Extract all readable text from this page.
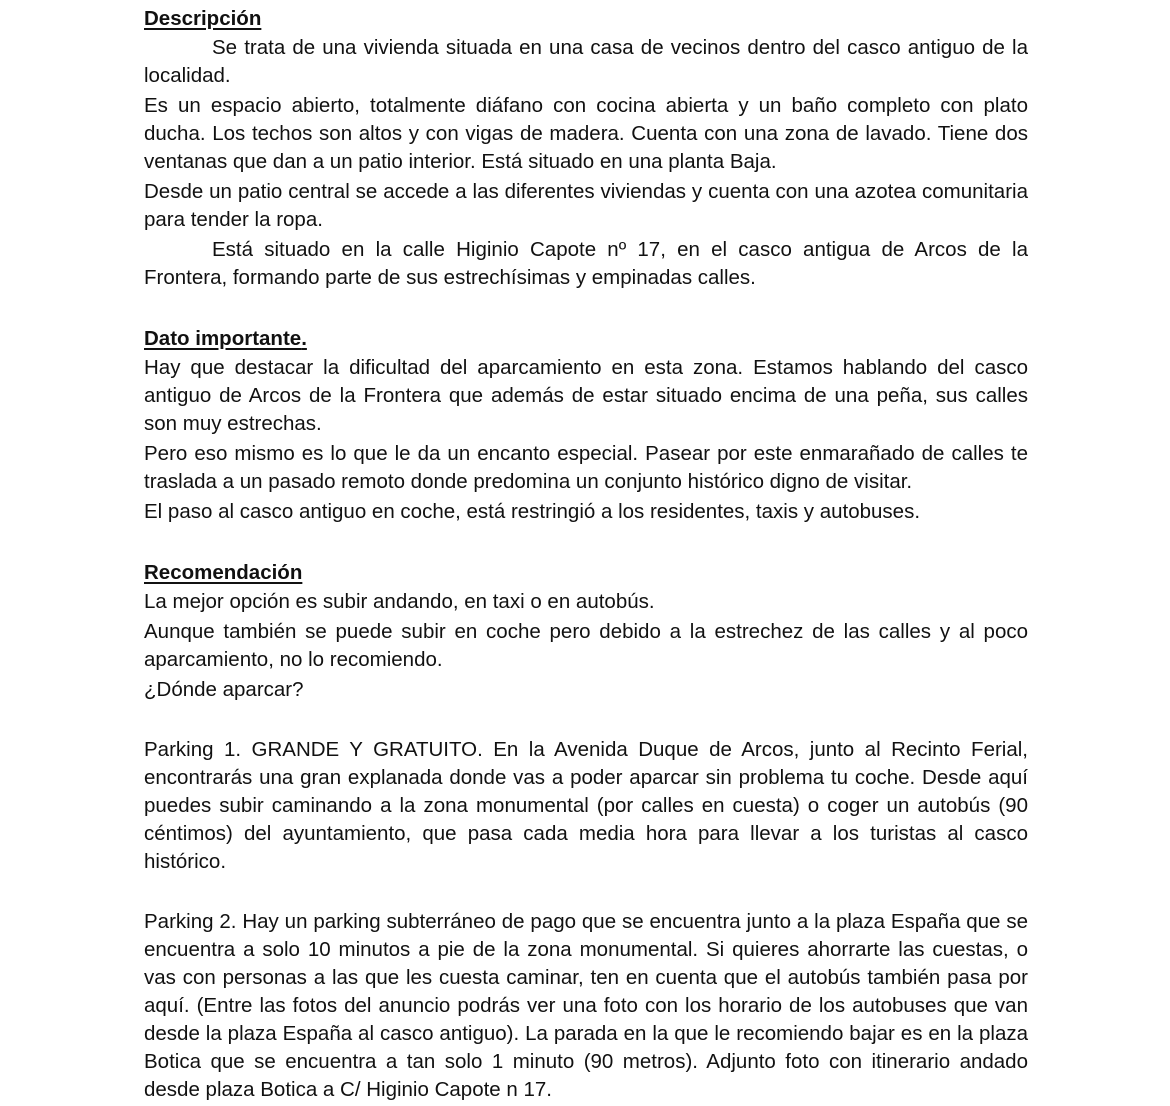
Descripción

Se trata de una vivienda situada en una casa de vecinos dentro del casco antiguo de la localidad.

Es un espacio abierto, totalmente diáfano con cocina abierta y un baño completo con plato ducha. Los techos son altos y con vigas de madera. Cuenta con una zona de lavado. Tiene dos ventanas que dan a un patio interior. Está situado en una planta Baja.

Desde un patio central se accede a las diferentes viviendas y cuenta con una azotea comunitaria para tender la ropa.

Está situado en la calle Higinio Capote nº 17, en el casco antigua de Arcos de la Frontera, formando parte de sus estrechísimas y empinadas calles.

Dato importante.

Hay que destacar la dificultad del aparcamiento en esta zona. Estamos hablando del casco antiguo de Arcos de la Frontera que además de estar situado encima de una peña, sus calles son muy estrechas.

Pero eso mismo es lo que le da un encanto especial. Pasear por este enmarañado de calles te traslada a un pasado remoto donde predomina un conjunto histórico digno de visitar.

El paso al casco antiguo en coche, está restringió a los residentes, taxis y autobuses.

Recomendación

La mejor opción es subir andando, en taxi o en autobús.

Aunque también se puede subir en coche pero debido a la estrechez de las calles y al poco aparcamiento, no lo recomiendo.

¿Dónde aparcar?

Parking 1. GRANDE Y GRATUITO. En la Avenida Duque de Arcos, junto al Recinto Ferial, encontrarás una gran explanada donde vas a poder aparcar sin problema tu coche. Desde aquí puedes subir caminando a la zona monumental (por calles en cuesta) o coger un autobús (90 céntimos) del ayuntamiento, que pasa cada media hora para llevar a los turistas al casco histórico.

Parking 2. Hay un parking subterráneo de pago que se encuentra junto a la plaza España que se encuentra a solo 10 minutos a pie de la zona monumental. Si quieres ahorrarte las cuestas, o vas con personas a las que les cuesta caminar, ten en cuenta que el autobús también pasa por aquí. (Entre las fotos del anuncio podrás ver una foto con los horario de los autobuses que van desde la plaza España al casco antiguo). La parada en la que le recomiendo bajar es en la plaza Botica que se encuentra a tan solo 1 minuto (90 metros). Adjunto foto con itinerario andado desde plaza Botica a C/ Higinio Capote n 17.
